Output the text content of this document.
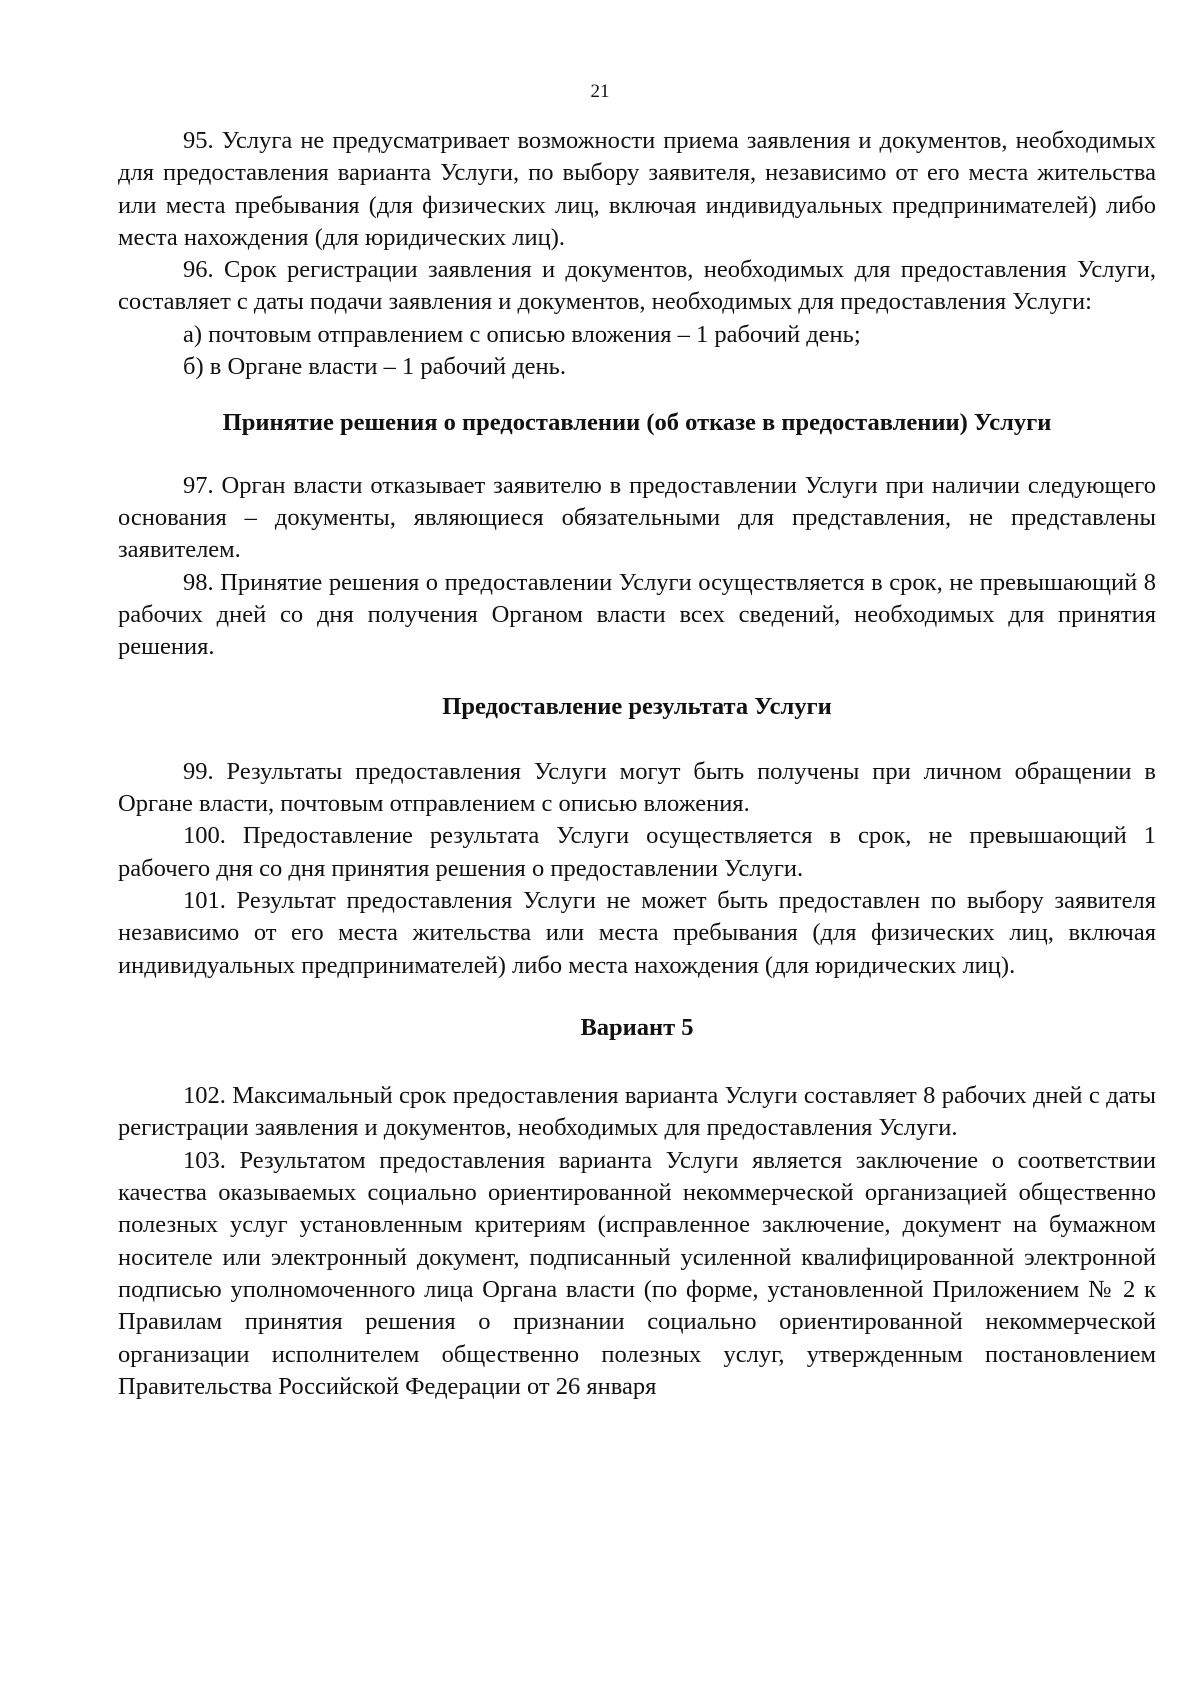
21

95. Услуга не предусматривает возможности приема заявления и документов, необходимых для предоставления варианта Услуги, по выбору заявителя, независимо от его места жительства или места пребывания (для физических лиц, включая индивидуальных предпринимателей) либо места нахождения (для юридических лиц).

96. Срок регистрации заявления и документов, необходимых для предоставления Услуги, составляет с даты подачи заявления и документов, необходимых для предоставления Услуги:

а) почтовым отправлением с описью вложения – 1 рабочий день;

б) в Органе власти – 1 рабочий день.

Принятие решения о предоставлении (об отказе в предоставлении) Услуги

97. Орган власти отказывает заявителю в предоставлении Услуги при наличии следующего основания – документы, являющиеся обязательными для представления, не представлены заявителем.

98. Принятие решения о предоставлении Услуги осуществляется в срок, не превышающий 8 рабочих дней со дня получения Органом власти всех сведений, необходимых для принятия решения.

Предоставление результата Услуги

99. Результаты предоставления Услуги могут быть получены при личном обращении в Органе власти, почтовым отправлением с описью вложения.

100. Предоставление результата Услуги осуществляется в срок, не превышающий 1 рабочего дня со дня принятия решения о предоставлении Услуги.

101. Результат предоставления Услуги не может быть предоставлен по выбору заявителя независимо от его места жительства или места пребывания (для физических лиц, включая индивидуальных предпринимателей) либо места нахождения (для юридических лиц).

Вариант 5

102. Максимальный срок предоставления варианта Услуги составляет 8 рабочих дней с даты регистрации заявления и документов, необходимых для предоставления Услуги.

103. Результатом предоставления варианта Услуги является заключение о соответствии качества оказываемых социально ориентированной некоммерческой организацией общественно полезных услуг установленным критериям (исправленное заключение, документ на бумажном носителе или электронный документ, подписанный усиленной квалифицированной электронной подписью уполномоченного лица Органа власти (по форме, установленной Приложением № 2 к Правилам принятия решения о признании социально ориентированной некоммерческой организации исполнителем общественно полезных услуг, утвержденным постановлением Правительства Российской Федерации от 26 января
